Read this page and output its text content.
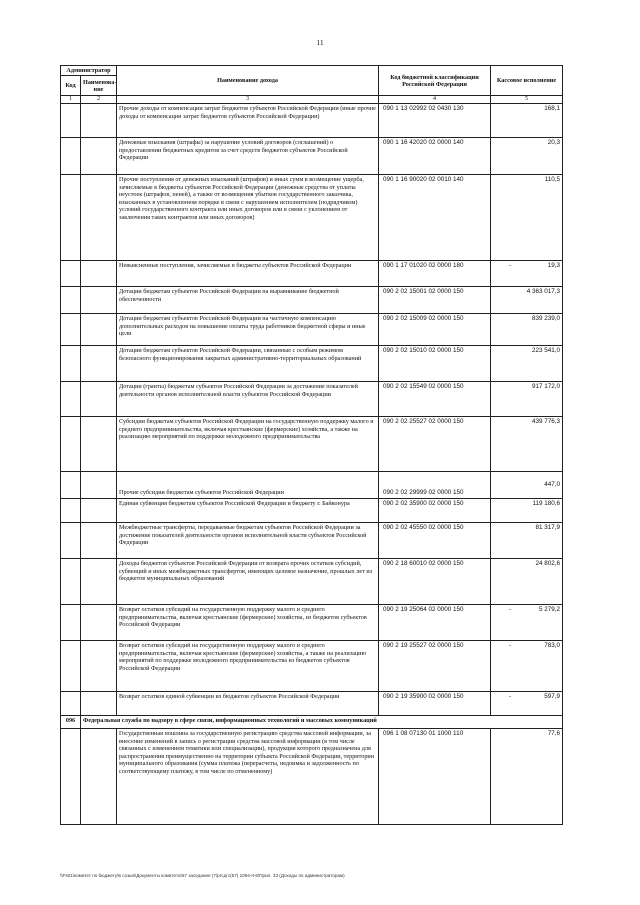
11
Администратор		Наименование дохода	Код бюджетной классификации Российской Федерации	Кассовое исполнение
Код	Наименова-ние			
1	2	3	4	5
		Прочие доходы от компенсации затрат бюджетов субъектов Российской Федерации (иные прочие доходы от компенсации затрат бюджетов субъектов Российской Федерации)	090 1 13 02992 02 0430 130	168,1
		Денежные взыскания (штрафы) за нарушение условий договоров (соглашений) о предоставлении бюджетных кредитов за счет средств бюджетов субъектов Российской Федерации	090 1 16 42020 02 0000 140	20,3
		Прочие поступления от денежных взысканий (штрафов) и иных сумм в возмещение ущерба, зачисляемые в бюджеты субъектов Российской Федерации (денежные средства от уплаты неустоек (штрафов, пеней), а также от возмещения убытков государственного заказчика, взысканных в установленном порядке в связи с нарушением исполнителем (подрядчиком) условий государственного контракта или иных договоров или в связи с уклонением от заключения таких контрактов или иных договоров)	090 1 16 90020 02 0010 140	110,5
		Невыясненные поступления, зачисляемые в бюджеты субъектов Российской Федерации	090 1 17 01020 02 0000 180	- 19,3
		Дотации бюджетам субъектов Российской Федерации на выравнивание бюджетной обеспеченности	090 2 02 15001 02 0000 150	4 363 017,3
		Дотации бюджетам субъектов Российской Федерации на частичную компенсацию дополнительных расходов на повышение оплаты труда работников бюджетной сферы и иные цели	090 2 02 15009 02 0000 150	839 239,0
		Дотации бюджетам субъектов Российской Федерации, связанные с особым режимом безопасного функционирования закрытых административно-территориальных образований	090 2 02 15010 02 0000 150	223 541,0
		Дотации (гранты) бюджетам субъектов Российской Федерации за достижение показателей деятельности органов исполнительной власти субъектов Российской Федерации	090 2 02 15549 02 0000 150	917 172,0
		Субсидии бюджетам субъектов Российской Федерации на государственную поддержку малого и среднего предпринимательства, включая крестьянские (фермерские) хозяйства, а также на реализацию мероприятий по поддержке молодежного предпринимательства	090 2 02 25527 02 0000 150	439 776,3
		Прочие субсидии бюджетам субъектов Российской Федерации	090 2 02 29999 02 0000 150	447,0
		Единая субвенция бюджетам субъектов Российской Федерации и бюджету г. Байконура	090 2 02 35900 02 0000 150	119 180,6
		Межбюджетные трансферты, передаваемые бюджетам субъектов Российской Федерации за достижение показателей деятельности органов исполнительной власти субъектов Российской Федерации	090 2 02 45550 02 0000 150	81 317,9
		Доходы бюджетов субъектов Российской Федерации от возврата прочих остатков субсидий, субвенций и иных межбюджетных трансфертов, имеющих целевое назначение, прошлых лет из бюджетов муниципальных образований	090 2 18 60010 02 0000 150	24 802,6
		Возврат остатков субсидий на государственную поддержку малого и среднего предпринимательства, включая крестьянские (фермерские) хозяйства, из бюджетов субъектов Российской Федерации	090 2 19 25064 02 0000 150	- 5 279,2
		Возврат остатков субсидий на государственную поддержку малого и среднего предпринимательства, включая крестьянские (фермерские) хозяйства, а также на реализацию мероприятий по поддержке молодежного предпринимательства из бюджетов субъектов Российской Федерации	090 2 19 25527 02 0000 150	- 783,0
		Возврат остатков единой субвенции из бюджетов субъектов Российской Федерации	090 2 19 35900 02 0000 150	- 597,9
096	Федеральная служба по надзору в сфере связи, информационных технологий и массовых коммуникаций			
		Государственная пошлина за государственную регистрацию средства массовой информации, за внесение изменений в запись о регистрации средства массовой информации (в том числе связанных с изменением тематики или специализации), продукция которого предназначена для распространения преимущественно на территории субъекта Российской Федерации, территории муниципального образования (сумма платежа (перерасчеты, недоимка и задолженность по соответствующему платежу, в том числе по отмененному)	096 1 08 07130 01 1000 110	77,6
\\Fs01\комитет по бюджету\6 созыв\Документы комитета\57 заседание (7\ргсдгс(57) 1094-II-6\Прил. 33 (Доходы по администраторам)
